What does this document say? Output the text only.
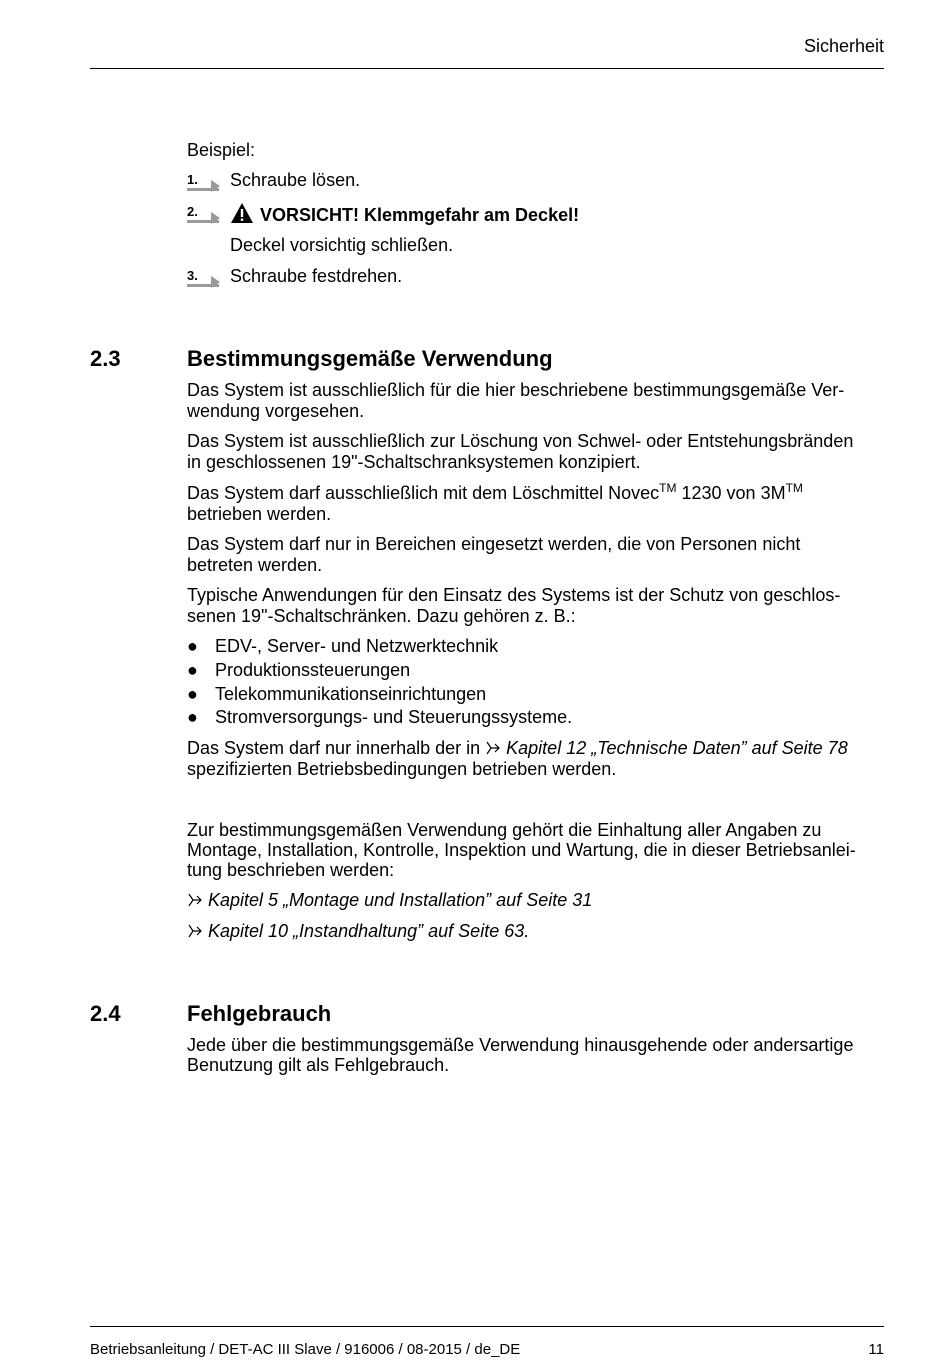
Sicherheit
Beispiel:
1. Schraube lösen.
2.	VORSICHT! Klemmgefahr am Deckel!
Deckel vorsichtig schließen.
3. Schraube festdrehen.
2.3	Bestimmungsgemäße Verwendung
Das System ist ausschließlich für die hier beschriebene bestimmungsgemäße Ver-
wendung vorgesehen.
Das System ist ausschließlich zur Löschung von Schwel- oder Entstehungsbränden
in geschlossenen 19"-Schaltschranksystemen konzipiert.
Das System darf ausschließlich mit dem Löschmittel Novec™ 1230 von 3M™
betrieben werden.
Das System darf nur in Bereichen eingesetzt werden, die von Personen nicht
betreten werden.
Typische Anwendungen für den Einsatz des Systems ist der Schutz von geschlos-
senen 19"-Schaltschränken. Dazu gehören z. B.:
● EDV-, Server- und Netzwerktechnik
● Produktionssteuerungen
● Telekommunikationseinrichtungen
● Stromversorgungs- und Steuerungssysteme.
Das System darf nur innerhalb der in Kapitel 12 „Technische Daten” auf Seite 78
spezifizierten Betriebsbedingungen betrieben werden.
Zur bestimmungsgemäßen Verwendung gehört die Einhaltung aller Angaben zu
Montage, Installation, Kontrolle, Inspektion und Wartung, die in dieser Betriebsanlei-
tung beschrieben werden:
Kapitel 5 „Montage und Installation” auf Seite 31
Kapitel 10 „Instandhaltung” auf Seite 63.
2.4	Fehlgebrauch
Jede über die bestimmungsgemäße Verwendung hinausgehende oder andersartige
Benutzung gilt als Fehlgebrauch.
Betriebsanleitung / DET-AC III Slave / 916006 / 08-2015 / de_DE	11
